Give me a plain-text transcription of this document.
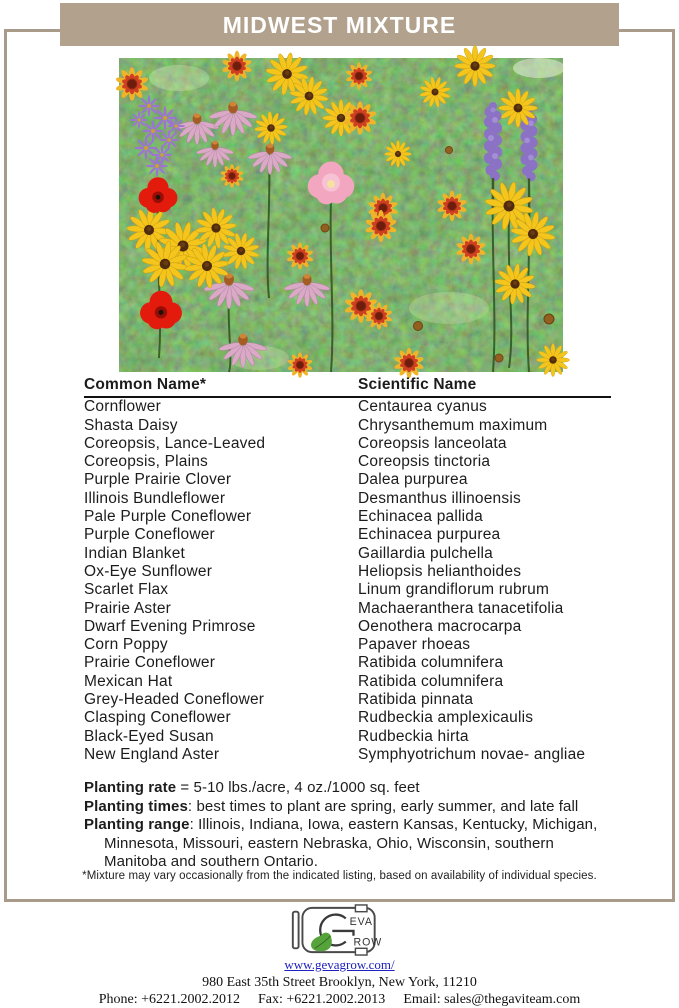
MIDWEST MIXTURE
Common Name*	Scientific Name
Cornflower	Centaurea cyanus
Shasta Daisy	Chrysanthemum maximum
Coreopsis, Lance-Leaved	Coreopsis lanceolata
Coreopsis, Plains	Coreopsis tinctoria
Purple Prairie Clover	Dalea purpurea
Illinois Bundleflower	Desmanthus illinoensis
Pale Purple Coneflower	Echinacea pallida
Purple Coneflower	Echinacea purpurea
Indian Blanket	Gaillardia pulchella
Ox-Eye Sunflower	Heliopsis helianthoides
Scarlet Flax	Linum grandiflorum rubrum
Prairie Aster	Machaeranthera tanacetifolia
Dwarf Evening Primrose	Oenothera macrocarpa
Corn Poppy	Papaver rhoeas
Prairie Coneflower	Ratibida columnifera
Mexican Hat	Ratibida columnifera
Grey-Headed Coneflower	Ratibida pinnata
Clasping Coneflower	Rudbeckia amplexicaulis
Black-Eyed Susan	Rudbeckia hirta
New England Aster	Symphyotrichum novae- angliae
Planting rate = 5-10 lbs./acre, 4 oz./1000 sq. feet
Planting times: best times to plant are spring, early summer, and late fall
Planting range: Illinois, Indiana, Iowa, eastern Kansas, Kentucky, Michigan,
Minnesota, Missouri, eastern Nebraska, Ohio, Wisconsin, southern
Manitoba and southern Ontario.
*Mixture may vary occasionally from the indicated listing, based on availability of individual species.
EVA
ROW
www.gevagrow.com/
980 East 35th Street Brooklyn, New York, 11210
Phone: +6221.2002.2012 Fax: +6221.2002.2013 Email: sales@thegaviteam.com
